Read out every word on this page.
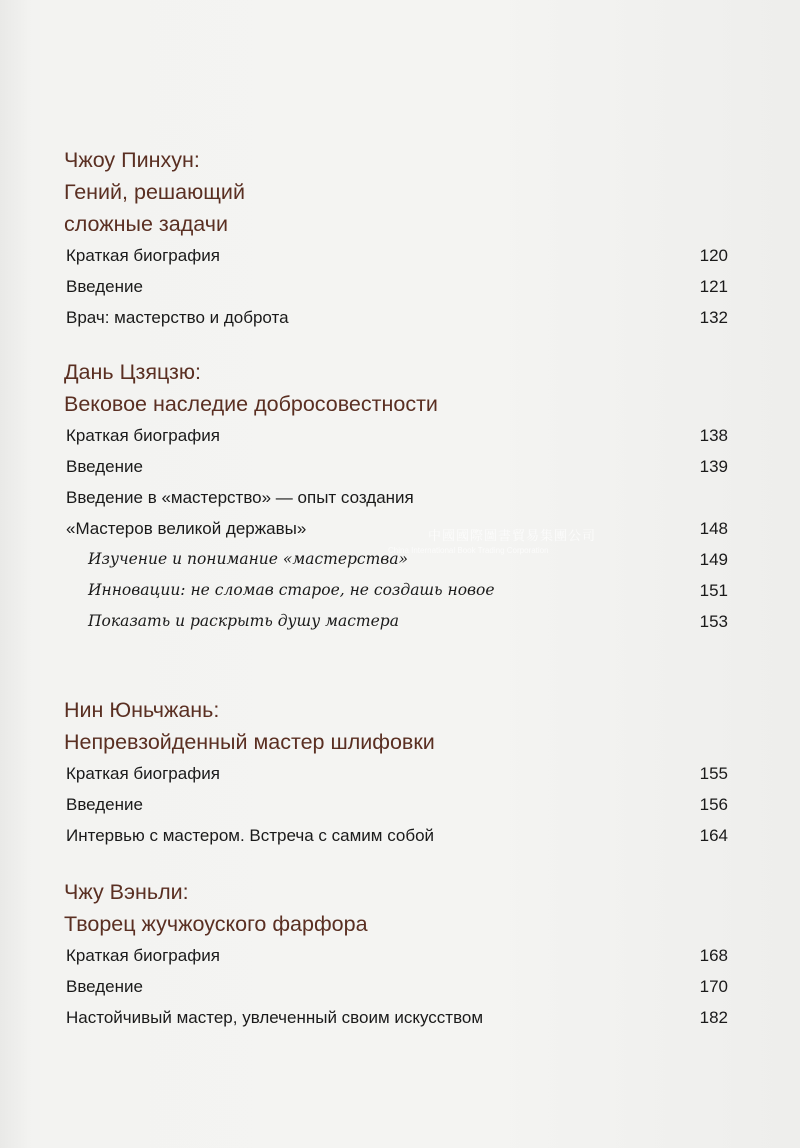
Чжоу Пинхун:
Гений, решающий
сложные задачи
Краткая биография	120
Введение	121
Врач: мастерство и доброта	132
Дань Цзяцзю:
Вековое наследие добросовестности
Краткая биография	138
Введение	139
Введение в «мастерство» — опыт создания
«Мастеров великой державы»	148
Изучение и понимание «мастерства»	149
Инновации: не сломав старое, не создашь новое	151
Показать и раскрыть душу мастера	153
Нин Юньчжань:
Непревзойденный мастер шлифовки
Краткая биография	155
Введение	156
Интервью с мастером. Встреча с самим собой	164
Чжу Вэньли:
Творец жучжоуского фарфора
Краткая биография	168
Введение	170
Настойчивый мастер, увлеченный своим искусством	182
中國國際圖書貿易集團公司
China International Book Trading Corporation
